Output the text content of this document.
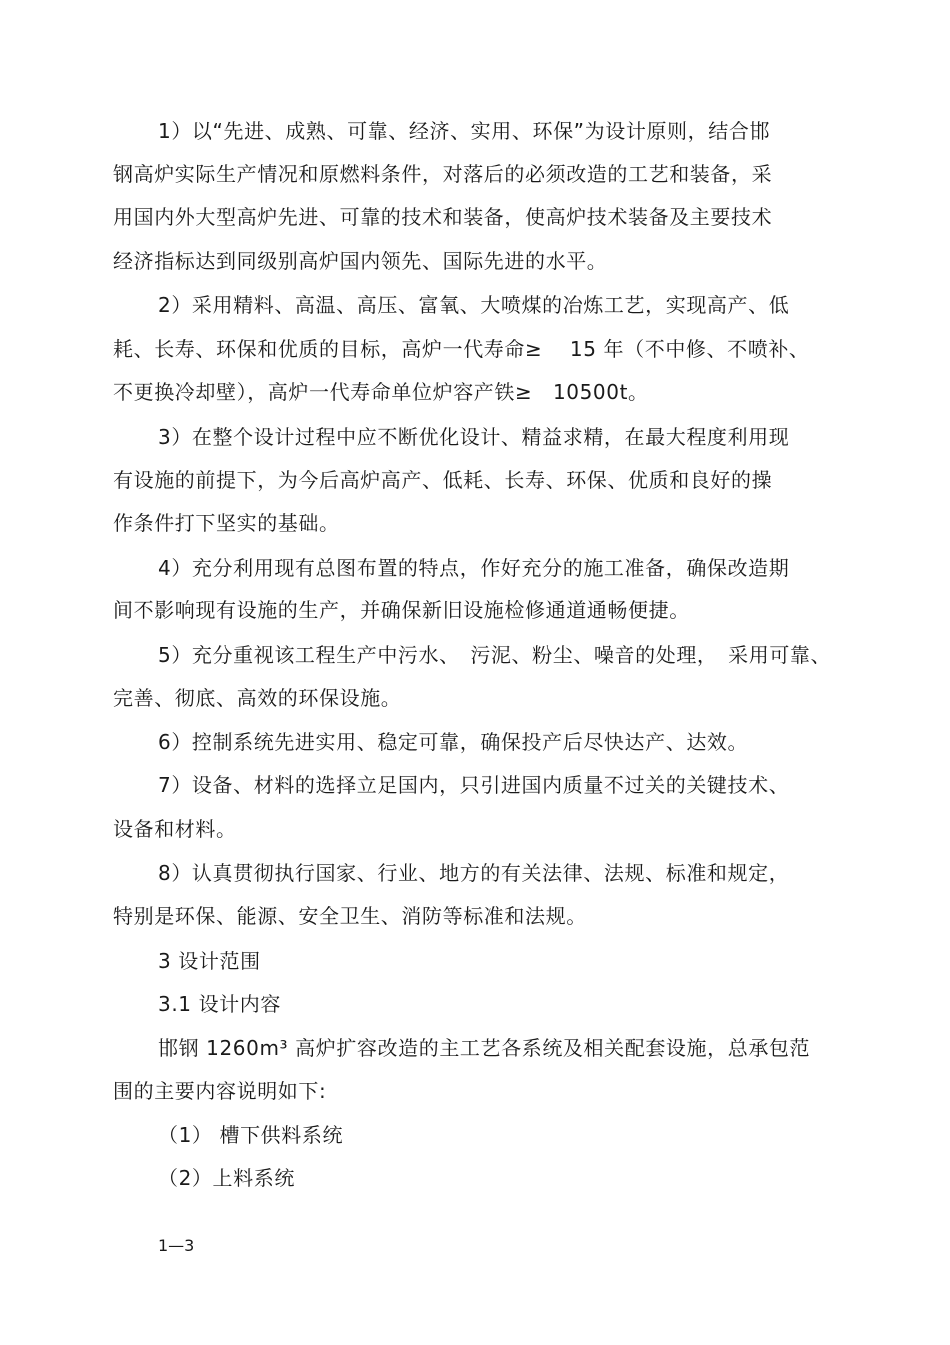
1）以“先进、成熟、可靠、经济、实用、环保”为设计原则，结合邯
钢高炉实际生产情况和原燃料条件，对落后的必须改造的工艺和装备，采
用国内外大型高炉先进、可靠的技术和装备，使高炉技术装备及主要技术
经济指标达到同级别高炉国内领先、国际先进的水平。
2）采用精料、高温、高压、富氧、大喷煤的冶炼工艺，实现高产、低
耗、长寿、环保和优质的目标，高炉一代寿命≥　 15 年（不中修、不喷补、
不更换冷却壁），高炉一代寿命单位炉容产铁≥　10500t。
3）在整个设计过程中应不断优化设计、精益求精，在最大程度利用现
有设施的前提下，为今后高炉高产、低耗、长寿、环保、优质和良好的操
作条件打下坚实的基础。
4）充分利用现有总图布置的特点，作好充分的施工准备，确保改造期
间不影响现有设施的生产，并确保新旧设施检修通道通畅便捷。
5）充分重视该工程生产中污水、　污泥、粉尘、噪音的处理，　采用可靠、
完善、彻底、高效的环保设施。
6）控制系统先进实用、稳定可靠，确保投产后尽快达产、达效。
7）设备、材料的选择立足国内，只引进国内质量不过关的关键技术、
设备和材料。
8）认真贯彻执行国家、行业、地方的有关法律、法规、标准和规定，
特别是环保、能源、安全卫生、消防等标准和法规。
3 设计范围
3.1 设计内容
邯钢 1260m³ 高炉扩容改造的主工艺各系统及相关配套设施，总承包范
围的主要内容说明如下:
（1） 槽下供料系统
（2）上料系统
1—3
